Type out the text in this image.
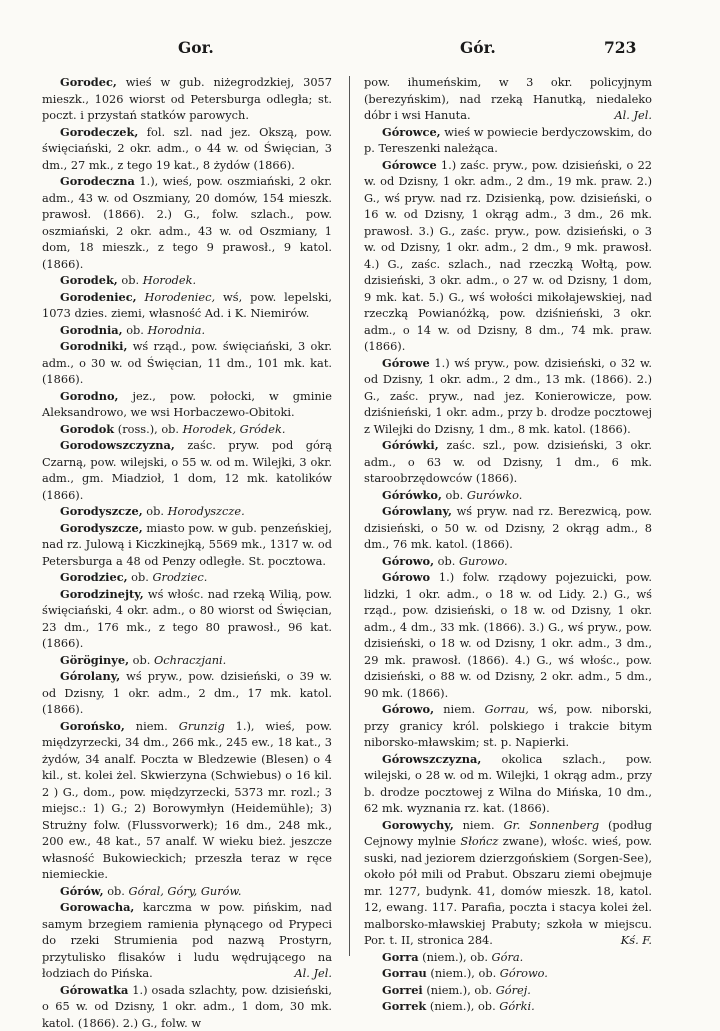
Gor.	Gór.	723

Gorodec, wieś w gub. niżegrodzkiej, 3057 mieszk., 1026 wiorst od Petersburga odległa; st. poczt. i przystań statków parowych.

Gorodeczek, fol. szl. nad jez. Okszą, pow. święciański, 2 okr. adm., o 44 w. od Święcian, 3 dm., 27 mk., z tego 19 kat., 8 żydów (1866).

Gorodeczna 1.), wieś, pow. oszmiański, 2 okr. adm., 43 w. od Oszmiany, 20 domów, 154 mieszk. prawosł. (1866). 2.) G., folw. szlach., pow. oszmiański, 2 okr. adm., 43 w. od Oszmiany, 1 dom, 18 mieszk., z tego 9 prawosł., 9 katol. (1866).

Gorodek, ob. Horodek.

Gorodeniec, Horodeniec, wś, pow. lepelski, 1073 dzies. ziemi, własność Ad. i K. Niemirów.

Gorodnia, ob. Horodnia.

Gorodniki, wś rząd., pow. święciański, 3 okr. adm., o 30 w. od Święcian, 11 dm., 101 mk. kat. (1866).

Gorodno, jez., pow. połocki, w gminie Aleksandrowo, we wsi Horbaczewo-Obitoki.

Gorodok (ross.), ob. Horodek, Gródek.

Gorodowszczyzna, zaśc. pryw. pod górą Czarną, pow. wilejski, o 55 w. od m. Wilejki, 3 okr. adm., gm. Miadzioł, 1 dom, 12 mk. katolików (1866).

Gorodyszcze, ob. Horodyszcze.

Gorodyszcze, miasto pow. w gub. penzeńskiej, nad rz. Julową i Kiczkinejką, 5569 mk., 1317 w. od Petersburga a 48 od Penzy odległe. St. pocztowa.

Gorodziec, ob. Grodziec.

Gorodzinejty, wś włośc. nad rzeką Wilią, pow. święciański, 4 okr. adm., o 80 wiorst od Święcian, 23 dm., 176 mk., z tego 80 prawosł., 96 kat. (1866).

Göröginye, ob. Ochraczjani.

Górolany, wś pryw., pow. dzisieński, o 39 w. od Dzisny, 1 okr. adm., 2 dm., 17 mk. katol. (1866).

Gorońsko, niem. Grunzig 1.), wieś, pow. międzyrzecki, 34 dm., 266 mk., 245 ew., 18 kat., 3 żydów, 34 analf. Poczta w Bledzewie (Blesen) o 4 kil., st. kolei żel. Skwierzyna (Schwiebus) o 16 kil. 2 ) G., dom., pow. międzyrzecki, 5373 mr. rozl.; 3 miejsc.: 1) G.; 2) Borowymłyn (Heidemühle); 3) Strużny folw. (Flussvorwerk); 16 dm., 248 mk., 200 ew., 48 kat., 57 analf. W wieku bież. jeszcze własność Bukowieckich; przeszła teraz w ręce niemieckie.

Górów, ob. Góral, Góry, Gurów.

Gorowacha, karczma w pow. pińskim, nad samym brzegiem ramienia płynącego od Prypeci do rzeki Strumienia pod nazwą Prostyrn, przytulisko flisaków i ludu wędrującego na łodziach do Pińska.	Al. Jel.

Górowatka 1.) osada szlachty, pow. dzisieński, o 65 w. od Dzisny, 1 okr. adm., 1 dom, 30 mk. katol. (1866). 2.) G., folw. w

pow. ihumeńskim, w 3 okr. policyjnym (berezyńskim), nad rzeką Hanutką, niedaleko dóbr i wsi Hanuta.	Al. Jel.

Górowce, wieś w powiecie berdyczowskim, do p. Tereszenki należąca.

Górowce 1.) zaśc. pryw., pow. dzisieński, o 22 w. od Dzisny, 1 okr. adm., 2 dm., 19 mk. praw. 2.) G., wś pryw. nad rz. Dzisienką, pow. dzisieński, o 16 w. od Dzisny, 1 okrąg adm., 3 dm., 26 mk. prawosł. 3.) G., zaśc. pryw., pow. dzisieński, o 3 w. od Dzisny, 1 okr. adm., 2 dm., 9 mk. prawosł. 4.) G., zaśc. szlach., nad rzeczką Wołtą, pow. dzisieński, 3 okr. adm., o 27 w. od Dzisny, 1 dom, 9 mk. kat. 5.) G., wś wołości mikołajewskiej, nad rzeczką Powianóżką, pow. dziśnieński, 3 okr. adm., o 14 w. od Dzisny, 8 dm., 74 mk. praw. (1866).

Górowe 1.) wś pryw., pow. dzisieński, o 32 w. od Dzisny, 1 okr. adm., 2 dm., 13 mk. (1866). 2.) G., zaśc. pryw., nad jez. Konierowicze, pow. dziśnieński, 1 okr. adm., przy b. drodze pocztowej z Wilejki do Dzisny, 1 dm., 8 mk. katol. (1866).

Górówki, zaśc. szl., pow. dzisieński, 3 okr. adm., o 63 w. od Dzisny, 1 dm., 6 mk. staroobrzędowców (1866).

Górówko, ob. Gurówko.

Górowlany, wś pryw. nad rz. Berezwicą, pow. dzisieński, o 50 w. od Dzisny, 2 okrąg adm., 8 dm., 76 mk. katol. (1866).

Górowo, ob. Gurowo.

Górowo 1.) folw. rządowy pojezuicki, pow. lidzki, 1 okr. adm., o 18 w. od Lidy. 2.) G., wś rząd., pow. dzisieński, o 18 w. od Dzisny, 1 okr. adm., 4 dm., 33 mk. (1866). 3.) G., wś pryw., pow. dzisieński, o 18 w. od Dzisny, 1 okr. adm., 3 dm., 29 mk. prawosł. (1866). 4.) G., wś włośc., pow. dzisieński, o 88 w. od Dzisny, 2 okr. adm., 5 dm., 90 mk. (1866).

Górowo, niem. Gorrau, wś, pow. niborski, przy granicy król. polskiego i trakcie bitym niborsko-mławskim; st. p. Napierki.

Górowszczyzna, okolica szlach., pow. wilejski, o 28 w. od m. Wilejki, 1 okrąg adm., przy b. drodze pocztowej z Wilna do Mińska, 10 dm., 62 mk. wyznania rz. kat. (1866).

Gorowychy, niem. Gr. Sonnenberg (podług Cejnowy mylnie Słończ zwane), włośc. wieś, pow. suski, nad jeziorem dzierzgońskiem (Sorgen-See), około pół mili od Prabut. Obszaru ziemi obejmuje mr. 1277, budynk. 41, domów mieszk. 18, katol. 12, ewang. 117. Parafia, poczta i stacya kolei żel. malborsko-mławskiej Prabuty; szkoła w miejscu. Por. t. II, stronica 284.	Kś. F.

Gorra (niem.), ob. Góra.

Gorrau (niem.), ob. Górowo.

Gorrei (niem.), ob. Górej.

Gorrek (niem.), ob. Górki.
